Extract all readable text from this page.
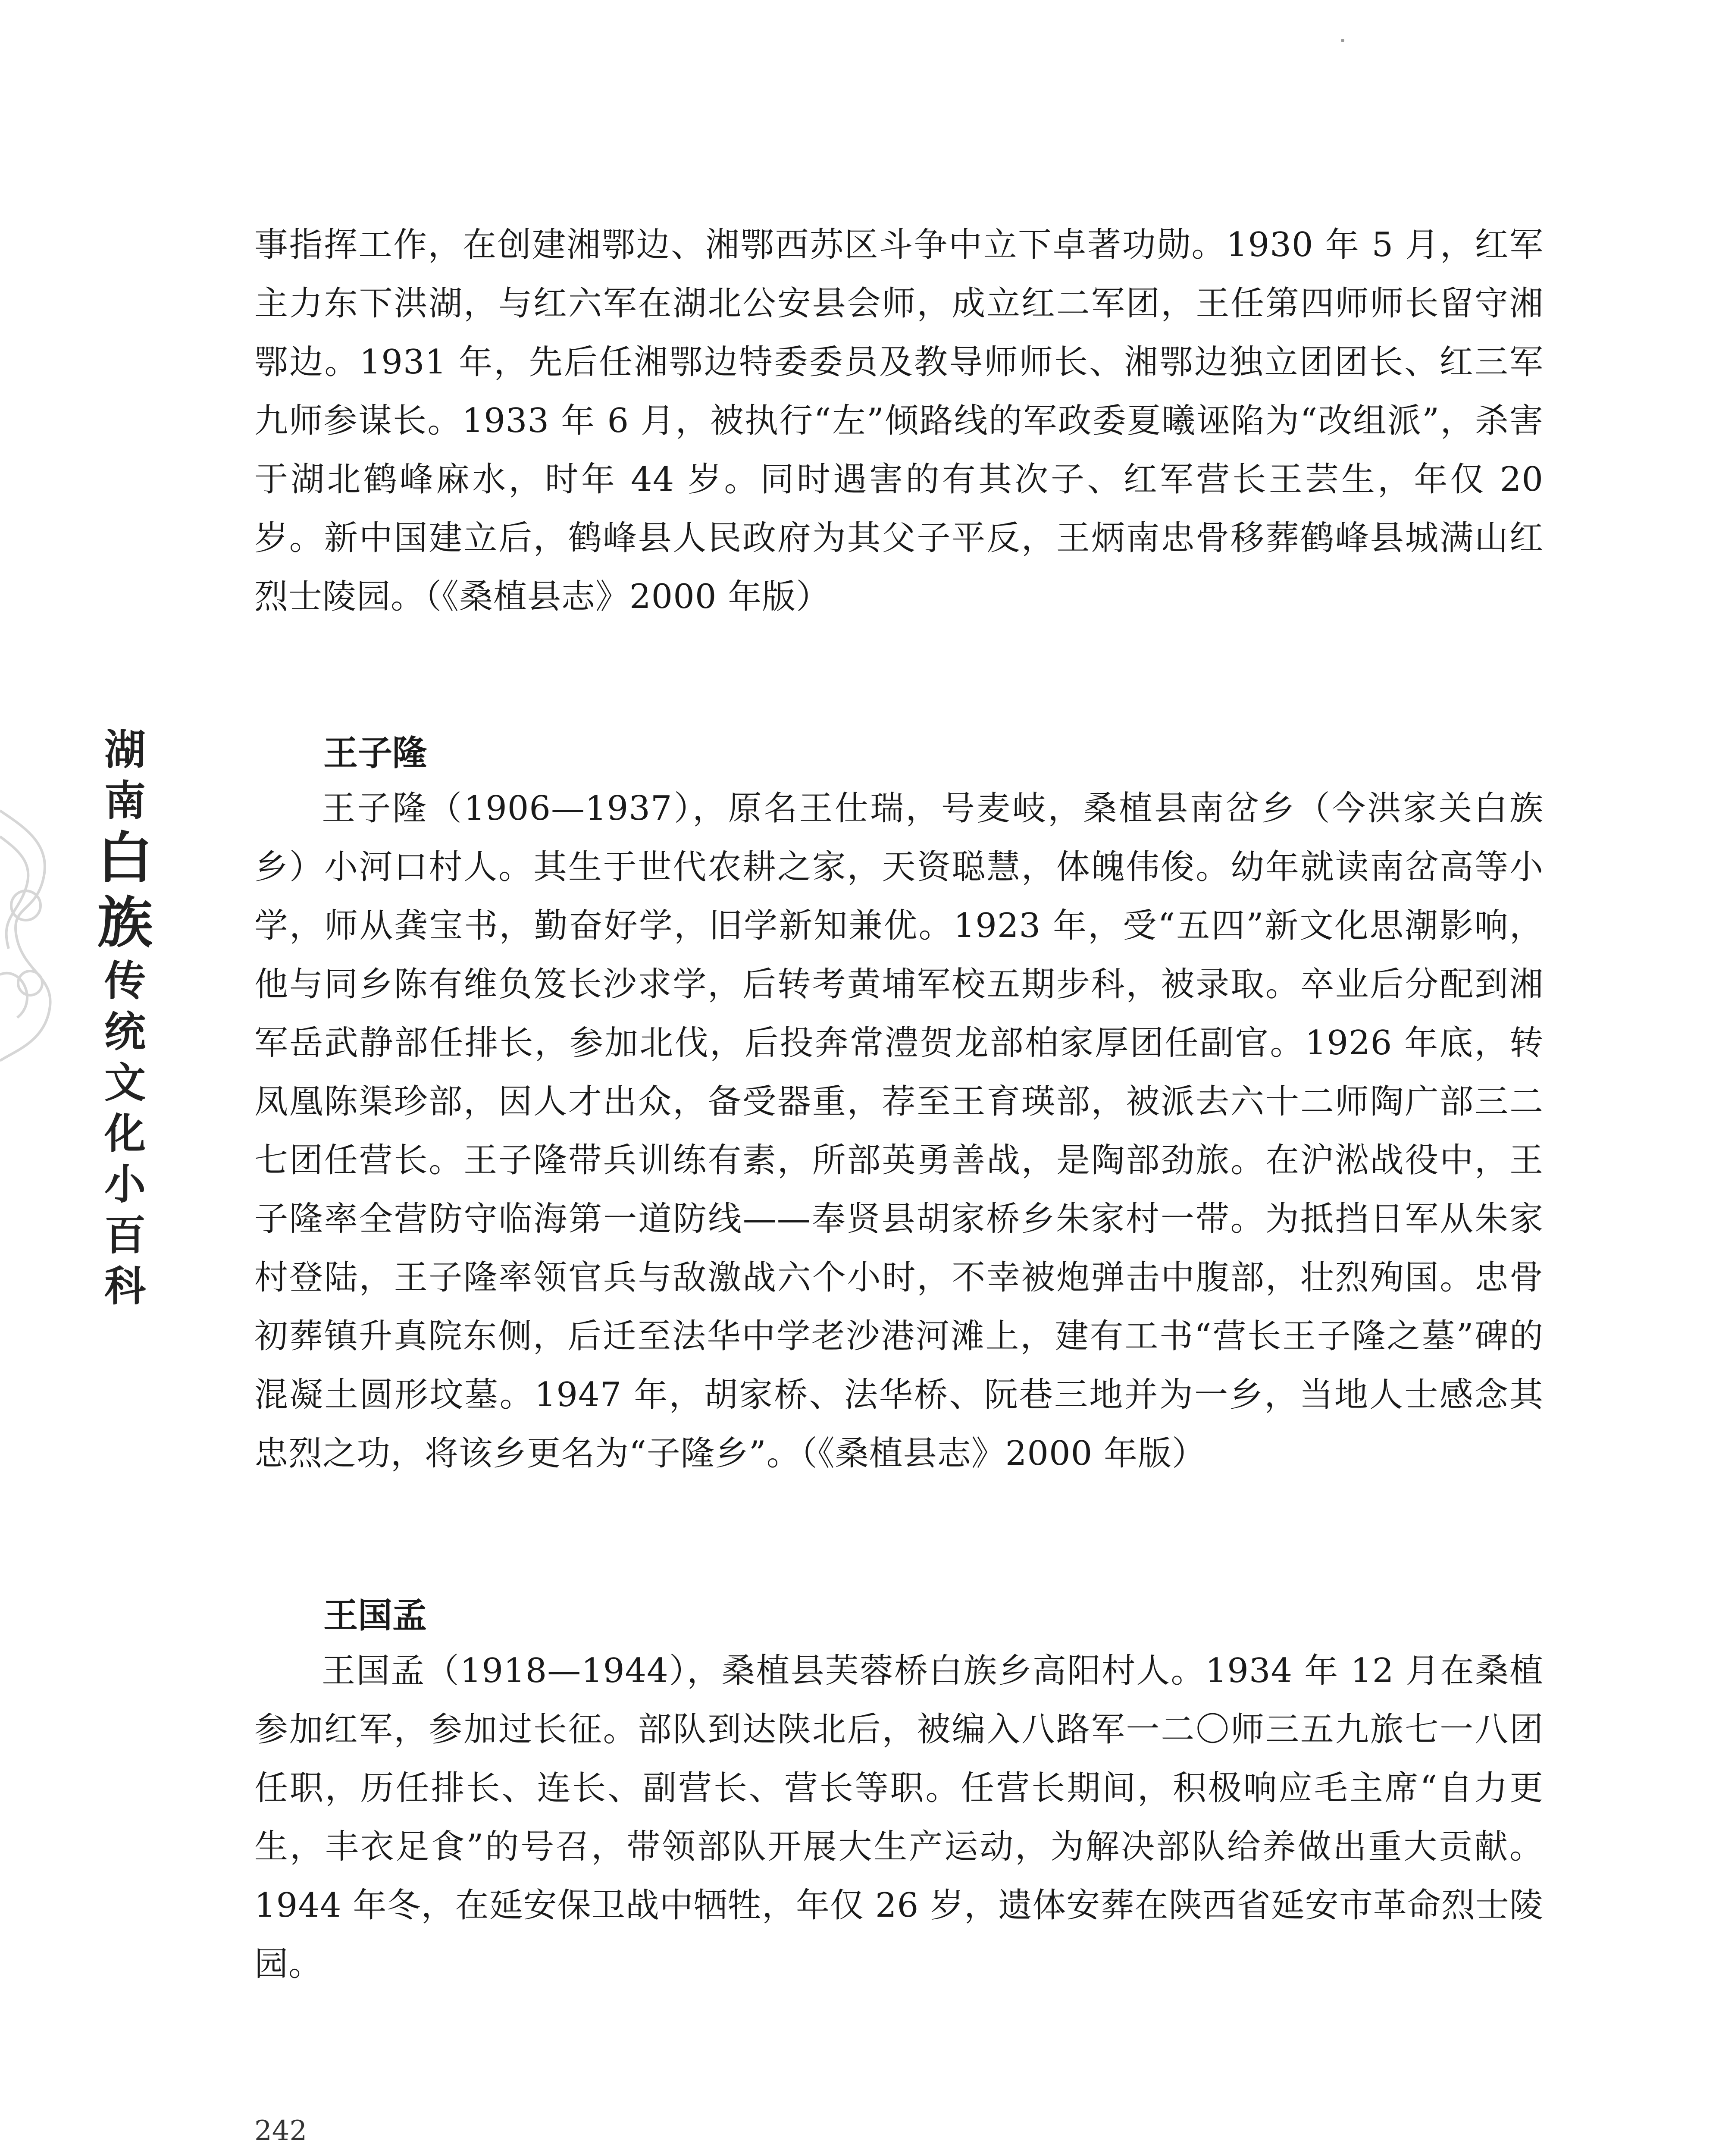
湖
南
白
族
传
统
文
化
小
百
科

事指挥工作，在创建湘鄂边、湘鄂西苏区斗争中立下卓著功勋。1930 年 5 月，红军主力东下洪湖，与红六军在湖北公安县会师，成立红二军团，王任第四师师长留守湘鄂边。1931 年，先后任湘鄂边特委委员及教导师师长、湘鄂边独立团团长、红三军九师参谋长。1933 年 6 月，被执行“左”倾路线的军政委夏曦诬陷为“改组派”，杀害于湖北鹤峰麻水，时年 44 岁。同时遇害的有其次子、红军营长王芸生，年仅 20 岁。新中国建立后，鹤峰县人民政府为其父子平反，王炳南忠骨移葬鹤峰县城满山红烈士陵园。（《桑植县志》2000 年版）

王子隆

王子隆（1906—1937），原名王仕瑞，号麦岐，桑植县南岔乡（今洪家关白族乡）小河口村人。其生于世代农耕之家，天资聪慧，体魄伟俊。幼年就读南岔高等小学，师从龚宝书，勤奋好学，旧学新知兼优。1923 年，受“五四”新文化思潮影响，他与同乡陈有维负笈长沙求学，后转考黄埔军校五期步科，被录取。卒业后分配到湘军岳武静部任排长，参加北伐，后投奔常澧贺龙部柏家厚团任副官。1926 年底，转凤凰陈渠珍部，因人才出众，备受器重，荐至王育瑛部，被派去六十二师陶广部三二七团任营长。王子隆带兵训练有素，所部英勇善战，是陶部劲旅。在沪淞战役中，王子隆率全营防守临海第一道防线——奉贤县胡家桥乡朱家村一带。为抵挡日军从朱家村登陆，王子隆率领官兵与敌激战六个小时，不幸被炮弹击中腹部，壮烈殉国。忠骨初葬镇升真院东侧，后迁至法华中学老沙港河滩上，建有工书“营长王子隆之墓”碑的混凝土圆形坟墓。1947 年，胡家桥、法华桥、阮巷三地并为一乡，当地人士感念其忠烈之功，将该乡更名为“子隆乡”。（《桑植县志》2000 年版）

王国孟

王国孟（1918—1944），桑植县芙蓉桥白族乡高阳村人。1934 年 12 月在桑植参加红军，参加过长征。部队到达陕北后，被编入八路军一二〇师三五九旅七一八团任职，历任排长、连长、副营长、营长等职。任营长期间，积极响应毛主席“自力更生，丰衣足食”的号召，带领部队开展大生产运动，为解决部队给养做出重大贡献。1944 年冬，在延安保卫战中牺牲，年仅 26 岁，遗体安葬在陕西省延安市革命烈士陵园。

242
